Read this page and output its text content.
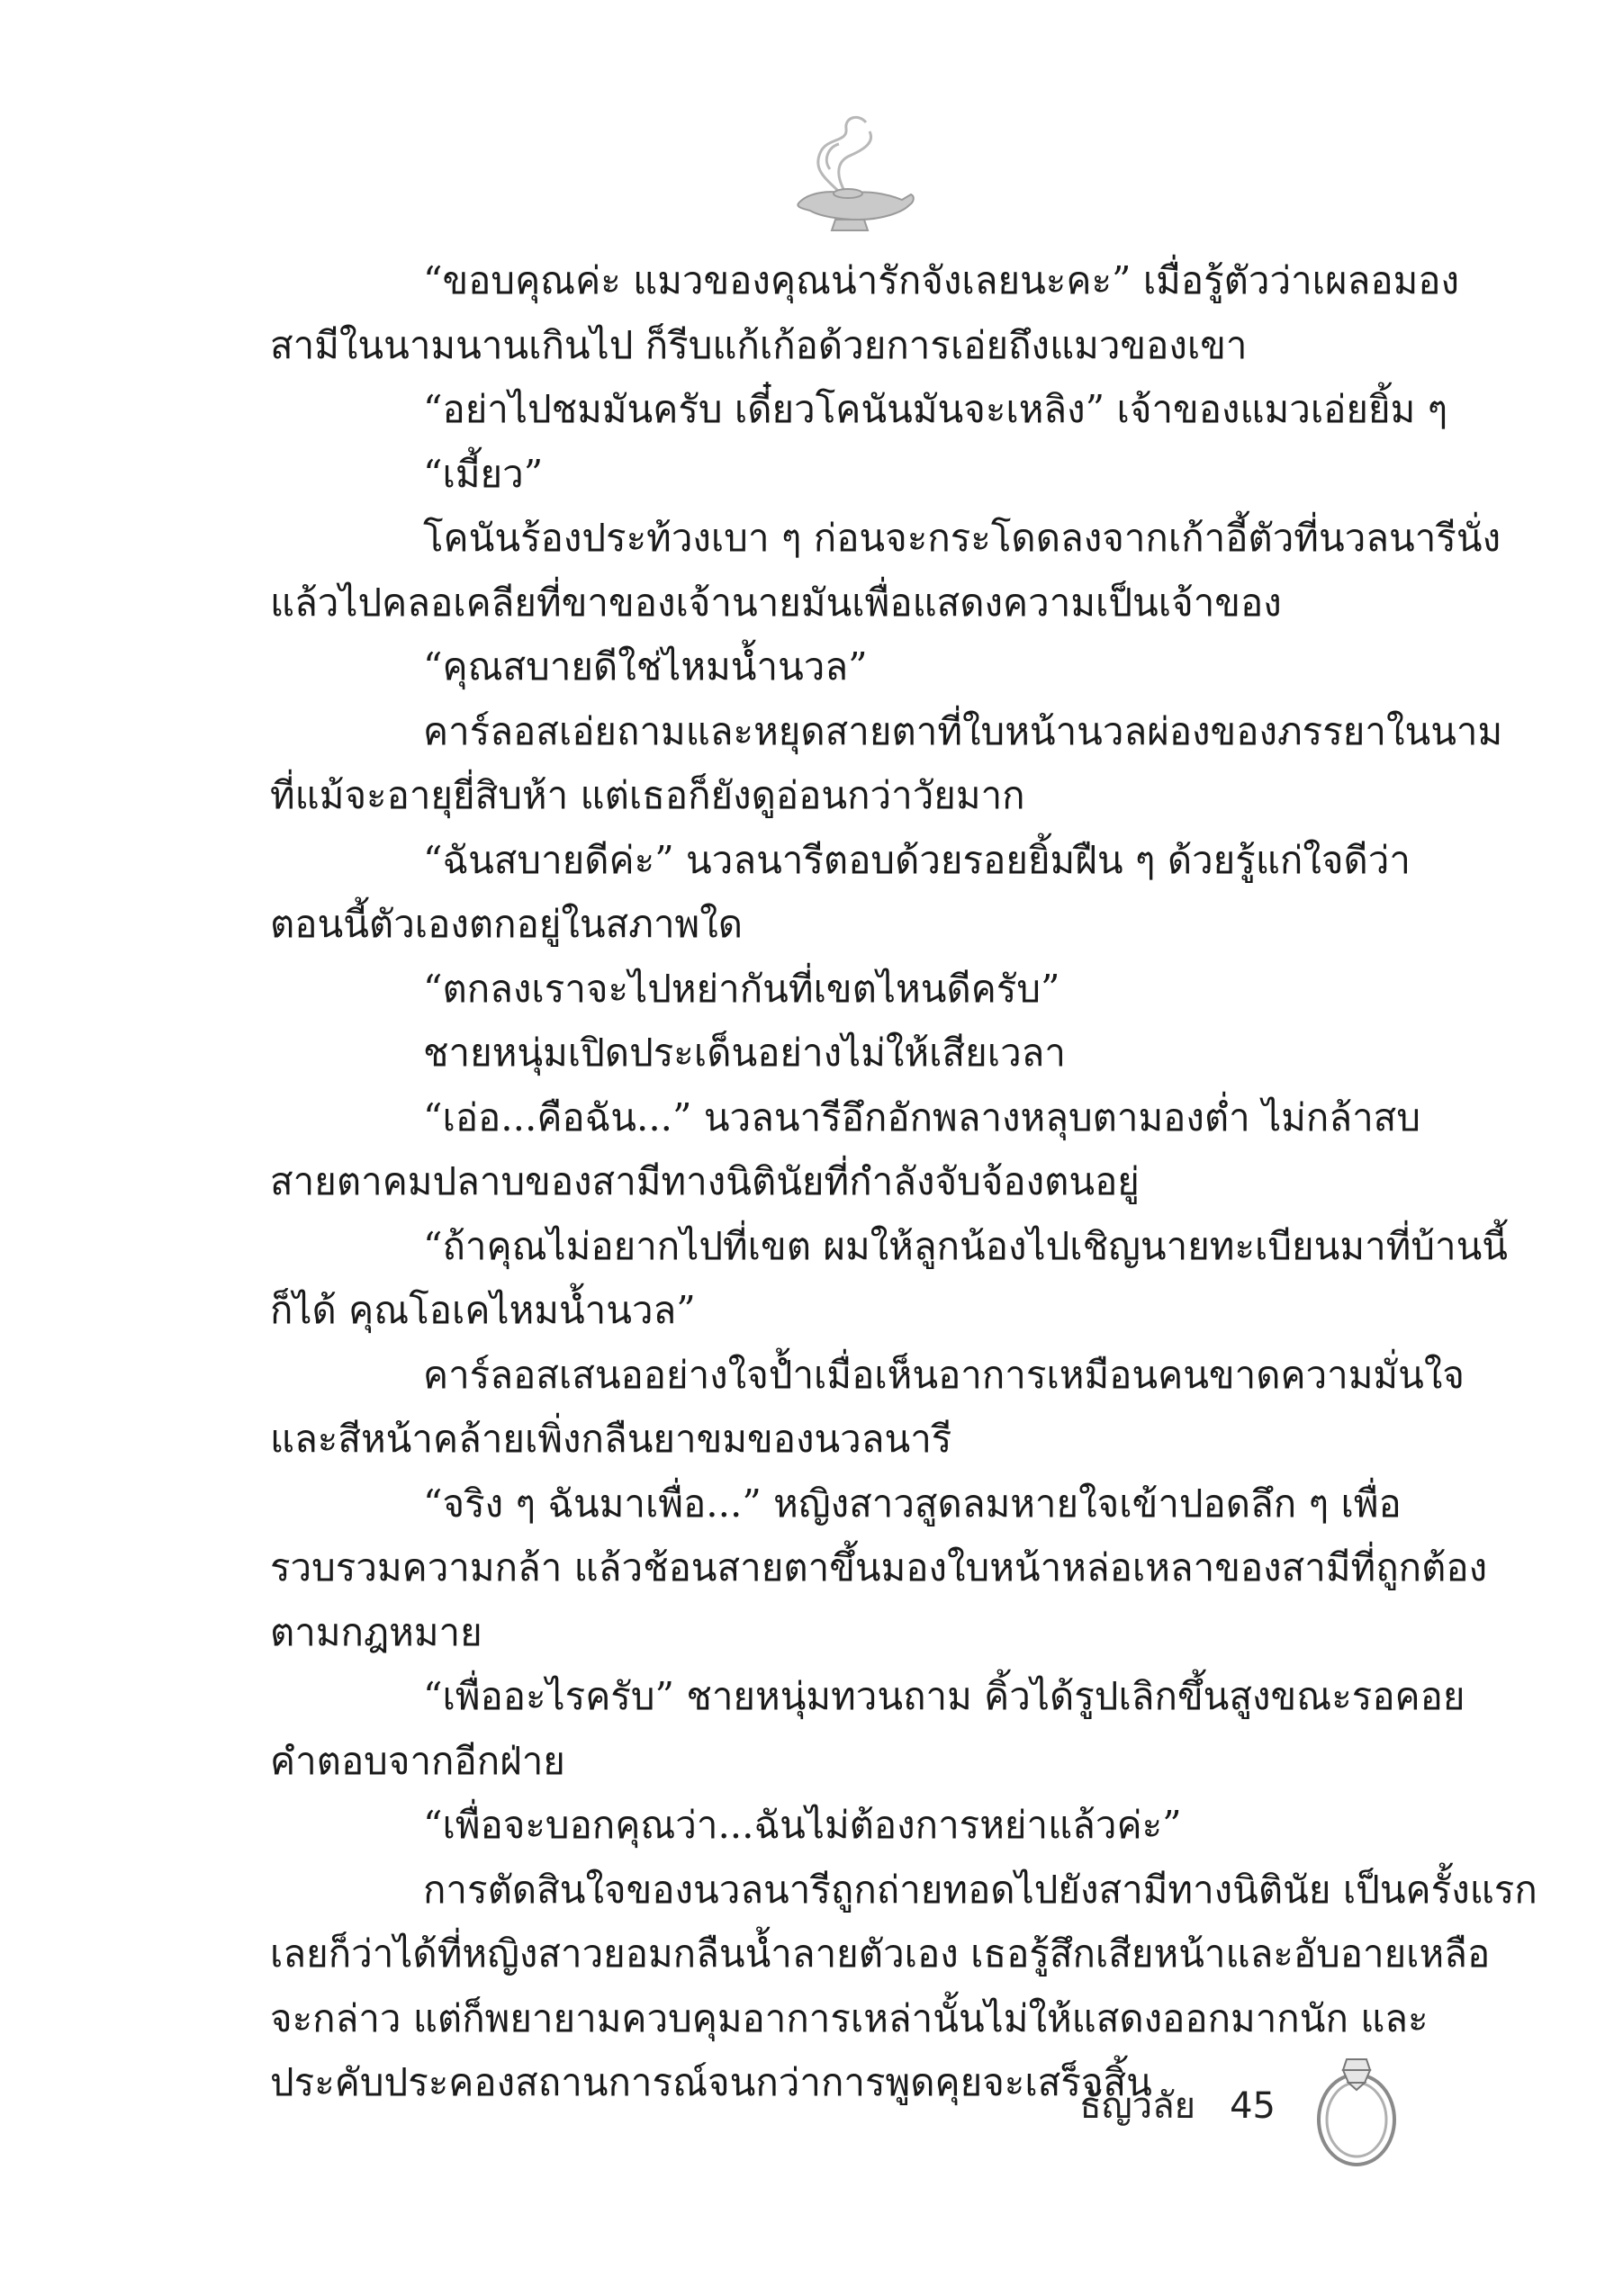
“ขอบคุณค่ะ แมวของคุณน่ารักจังเลยนะคะ” เมื่อรู้ตัวว่าเผลอมอง
สามีในนามนานเกินไป ก็รีบแก้เก้อด้วยการเอ่ยถึงแมวของเขา
“อย่าไปชมมันครับ เดี๋ยวโคนันมันจะเหลิง” เจ้าของแมวเอ่ยยิ้ม ๆ
“เมี้ยว”
โคนันร้องประท้วงเบา ๆ ก่อนจะกระโดดลงจากเก้าอี้ตัวที่นวลนารีนั่ง
แล้วไปคลอเคลียที่ขาของเจ้านายมันเพื่อแสดงความเป็นเจ้าของ
“คุณสบายดีใช่ไหมน้ำนวล”
คาร์ลอสเอ่ยถามและหยุดสายตาที่ใบหน้านวลผ่องของภรรยาในนาม
ที่แม้จะอายุยี่สิบห้า แต่เธอก็ยังดูอ่อนกว่าวัยมาก
“ฉันสบายดีค่ะ” นวลนารีตอบด้วยรอยยิ้มฝืน ๆ ด้วยรู้แก่ใจดีว่า
ตอนนี้ตัวเองตกอยู่ในสภาพใด
“ตกลงเราจะไปหย่ากันที่เขตไหนดีครับ”
ชายหนุ่มเปิดประเด็นอย่างไม่ให้เสียเวลา
“เอ่อ...คือฉัน...” นวลนารีอึกอักพลางหลุบตามองต่ำ ไม่กล้าสบ
สายตาคมปลาบของสามีทางนิตินัยที่กำลังจับจ้องตนอยู่
“ถ้าคุณไม่อยากไปที่เขต ผมให้ลูกน้องไปเชิญนายทะเบียนมาที่บ้านนี้
ก็ได้ คุณโอเคไหมน้ำนวล”
คาร์ลอสเสนออย่างใจป้ำเมื่อเห็นอาการเหมือนคนขาดความมั่นใจ
และสีหน้าคล้ายเพิ่งกลืนยาขมของนวลนารี
“จริง ๆ ฉันมาเพื่อ...” หญิงสาวสูดลมหายใจเข้าปอดลึก ๆ เพื่อ
รวบรวมความกล้า แล้วช้อนสายตาขึ้นมองใบหน้าหล่อเหลาของสามีที่ถูกต้อง
ตามกฎหมาย
“เพื่ออะไรครับ” ชายหนุ่มทวนถาม คิ้วได้รูปเลิกขึ้นสูงขณะรอคอย
คำตอบจากอีกฝ่าย
“เพื่อจะบอกคุณว่า...ฉันไม่ต้องการหย่าแล้วค่ะ”
การตัดสินใจของนวลนารีถูกถ่ายทอดไปยังสามีทางนิตินัย เป็นครั้งแรก
เลยก็ว่าได้ที่หญิงสาวยอมกลืนน้ำลายตัวเอง เธอรู้สึกเสียหน้าและอับอายเหลือ
จะกล่าว แต่ก็พยายามควบคุมอาการเหล่านั้นไม่ให้แสดงออกมากนัก และ
ประคับประคองสถานการณ์จนกว่าการพูดคุยจะเสร็จสิ้น
ธัญวลัย 45
